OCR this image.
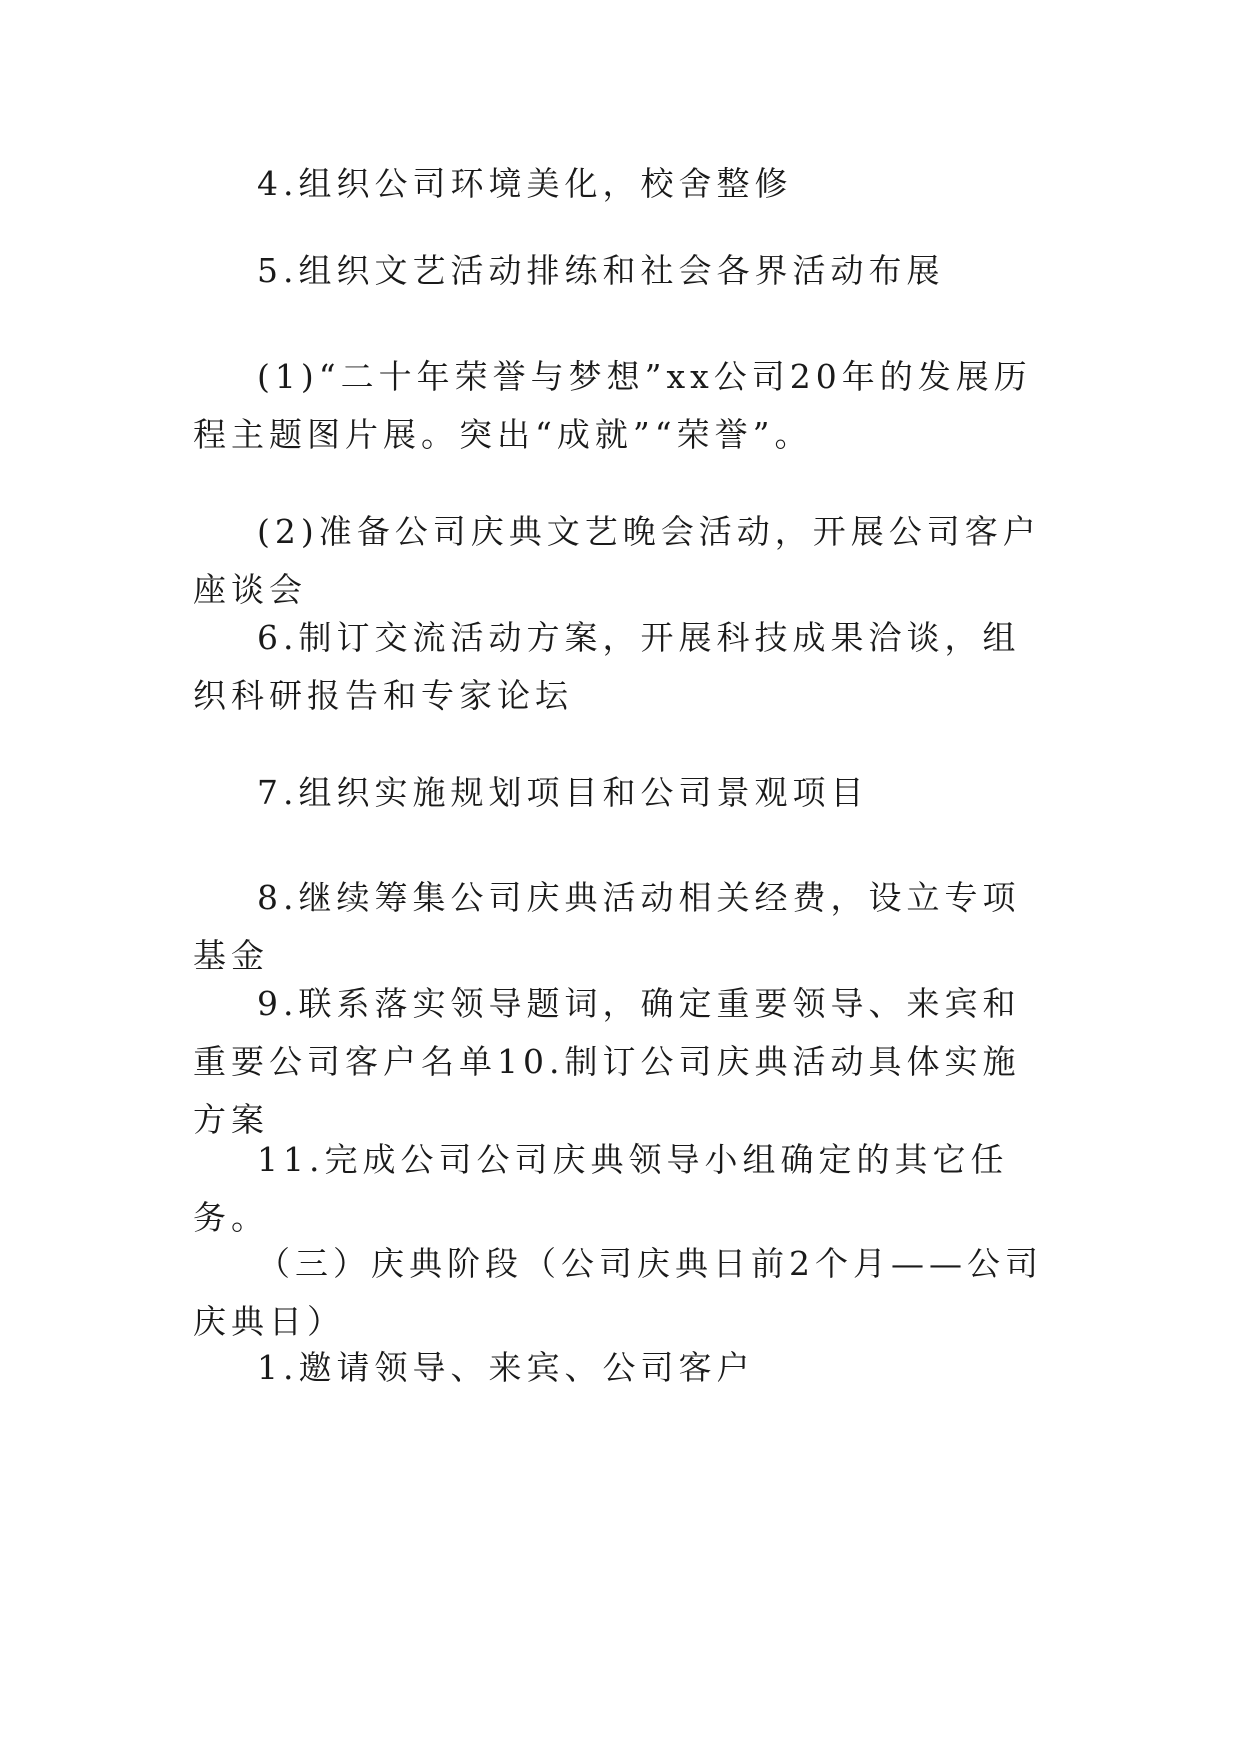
4.组织公司环境美化，校舍整修

5.组织文艺活动排练和社会各界活动布展

(1)“二十年荣誉与梦想”xx公司20年的发展历程主题图片展。突出“成就”“荣誉”。

(2)准备公司庆典文艺晚会活动，开展公司客户座谈会

6.制订交流活动方案，开展科技成果洽谈，组织科研报告和专家论坛

7.组织实施规划项目和公司景观项目

8.继续筹集公司庆典活动相关经费，设立专项基金

9.联系落实领导题词，确定重要领导、来宾和重要公司客户名单10.制订公司庆典活动具体实施方案

11.完成公司公司庆典领导小组确定的其它任务。

（三）庆典阶段（公司庆典日前2个月——公司庆典日）

1.邀请领导、来宾、公司客户
